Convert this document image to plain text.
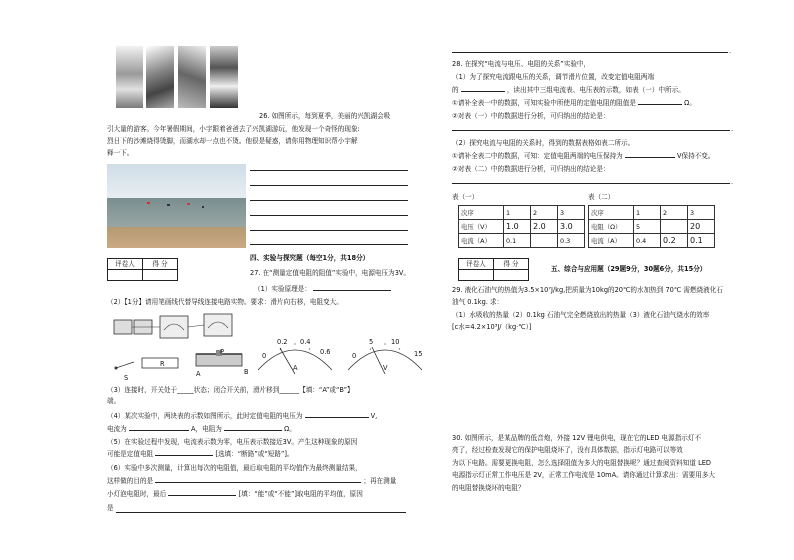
26. 如图所示，每到夏季，美丽的兴凯湖会吸
引大量的游客。今年暑假期间，小宇跟着爸爸去了兴凯湖游玩，他发现一个奇怪的现象:
烈日下的沙滩烧得烫脚，而湖水却一点也不烫。他很是疑惑，请你用物理知识帮小宇解
释一下。
四、实验与探究题（每空1分，共18分）
评卷人	得 分

27. 在“测量定值电阻的阻值”实验中，电源电压为3V。
（1）实验原理是：
（2）【1分】请用笔画线代替导线连接电路实物。要求：滑片向右移，电阻变大。
R
S	A	B
P	0
0.2 0.4
0.6
A
0
5	10
15
V
（3）连接时，开关处于_____状态；闭合开关前，滑片移到______【填：“A”或“B”】
端。
（4）某次实验中，两块表的示数如图所示，此时定值电阻的电压为	V,
电流为	A，电阻为	Ω。
（5）在实验过程中发现，电流表示数为零，电压表示数接近3V。产生这种现象的原因
可能是定值电阻	[选填：“断路”或“短路”]。
（6）实验中多次测量，计算出每次的电阻值，最后取电阻的平均值作为最终测量结果，
这样做的目的是	；再在测量
小灯泡电阻时，最后	[填：“能”或“不能”]取电阻的平均值，原因
是
.
28. 在探究“电流与电压、电阻的关系”实验中，
（1）为了探究电流跟电压的关系，调节滑片位置，改变定值电阻两端
的	，读出其中三组电流表、电压表的示数，如表（一）中所示。
①请补全表一中的数据，可知实验中所使用的定值电阻的阻值是	Ω。
②对表（一）中的数据进行分析，可归纳出的结论是：
.
（2）探究电流与电阻的关系时，得到的数据表格如表二所示。
①请补全表二中的数据，可知：定值电阻两端的电压保持为	V保持不变。
②对表（二）中的数据进行分析，可归纳出的结论是：
.
表（一）	表（二）
次序	1	2	3
电压（V）	1.0	2.0	3.0
电流（A）	0.1		0.3
次序	1	2	3
电阻（Ω）	5		20
电流（A）	0.4	0.2	0.1
评卷人	得 分

五、综合与应用题（29题9分，30题6分，共15分）
29. 液化石油气的热值为3.5×10⁷J/kg,把质量为10kg的20℃的水加热到 70℃ 需燃烧液化石
油气 0.1kg. 求：
（1）水吸收的热量（2）0.1kg 石油气完全燃烧放出的热量（3）液化石油气烧水的效率
[c水=4.2×10³J/（kg·℃）]
30. 如图所示，是某品牌的低音炮，外接 12V 锂电供电，现在它的LED 电源指示灯不
亮了，经过检查发现它的保护电阻烧坏了，没有具体数据，指示灯电路可以等效
为以下电路。需要更换电阻，怎么选择阻值为多大的电阻替换呢？通过查阅资料知道 LED
电源指示灯正常工作电压是 2V，正常工作电流是 10mA。请你通过计算求出：需要用多大
的电阻替换烧坏的电阻？
